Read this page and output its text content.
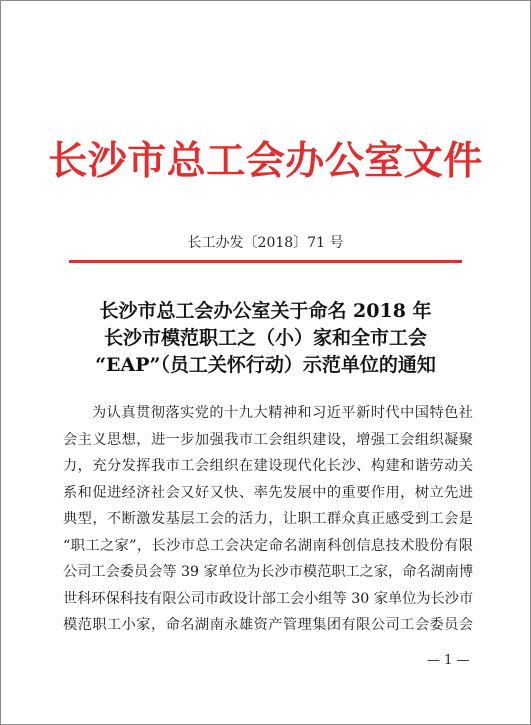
长沙市总工会办公室文件
长工办发〔2018〕71 号
长沙市总工会办公室关于命名 2018 年
长沙市模范职工之（小）家和全市工会
“EAP”（员工关怀行动）示范单位的通知
为认真贯彻落实党的十九大精神和习近平新时代中国特色社
会主义思想，进一步加强我市工会组织建设，增强工会组织凝聚
力，充分发挥我市工会组织在建设现代化长沙、构建和谐劳动关
系和促进经济社会又好又快、率先发展中的重要作用，树立先进
典型，不断激发基层工会的活力，让职工群众真正感受到工会是
“职工之家”，长沙市总工会决定命名湖南科创信息技术股份有限
公司工会委员会等 39 家单位为长沙市模范职工之家，命名湖南博
世科环保科技有限公司市政设计部工会小组等 30 家单位为长沙市
模范职工小家，命名湖南永雄资产管理集团有限公司工会委员会
— 1 —
